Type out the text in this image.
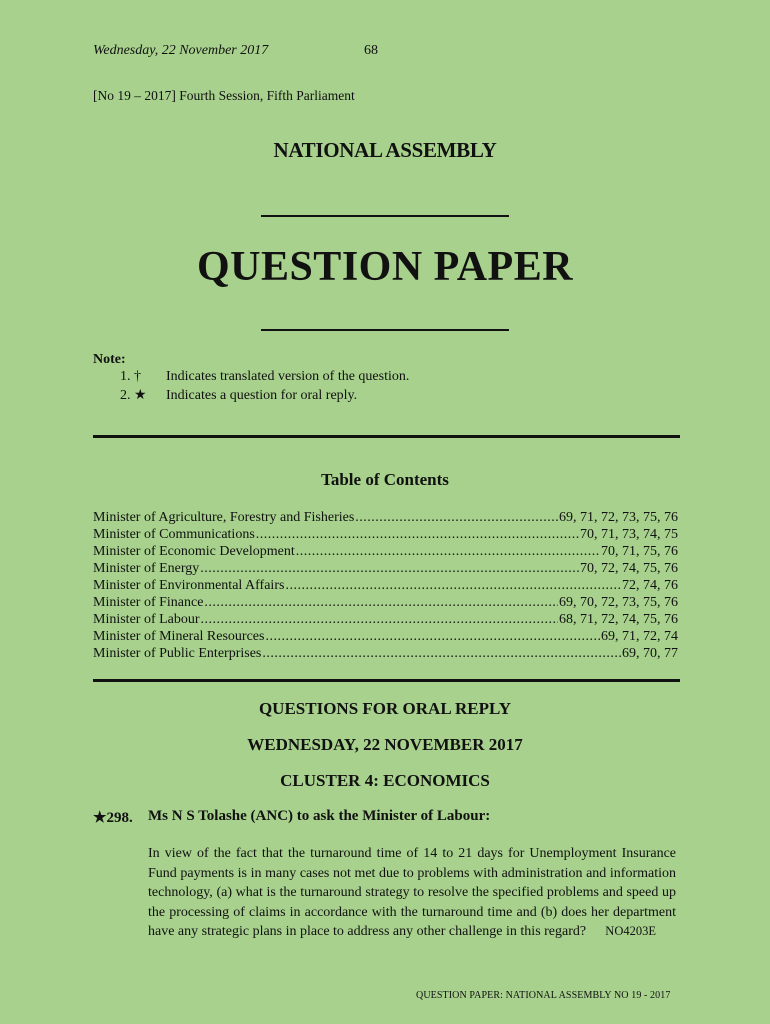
Wednesday, 22 November 2017	68
[No 19 – 2017] Fourth Session, Fifth Parliament
NATIONAL ASSEMBLY
QUESTION PAPER
Note:
1. † Indicates translated version of the question.
2. ★ Indicates a question for oral reply.
Table of Contents
Minister of Agriculture, Forestry and Fisheries .....	69, 71, 72, 73, 75, 76
Minister of Communications .....	70, 71, 73, 74, 75
Minister of Economic Development .....	70, 71, 75, 76
Minister of Energy .....	70, 72, 74, 75, 76
Minister of Environmental Affairs .....	72, 74, 76
Minister of Finance .....	69, 70, 72, 73, 75, 76
Minister of Labour .....	68, 71, 72, 74, 75, 76
Minister of Mineral Resources .....	69, 71, 72, 74
Minister of Public Enterprises .....	69, 70, 77
QUESTIONS FOR ORAL REPLY
WEDNESDAY, 22 NOVEMBER 2017
CLUSTER 4: ECONOMICS
★298. Ms N S Tolashe (ANC) to ask the Minister of Labour:
In view of the fact that the turnaround time of 14 to 21 days for Unemployment Insurance Fund payments is in many cases not met due to problems with administration and information technology, (a) what is the turnaround strategy to resolve the specified problems and speed up the processing of claims in accordance with the turnaround time and (b) does her department have any strategic plans in place to address any other challenge in this regard? NO4203E
QUESTION PAPER: NATIONAL ASSEMBLY NO 19 - 2017
